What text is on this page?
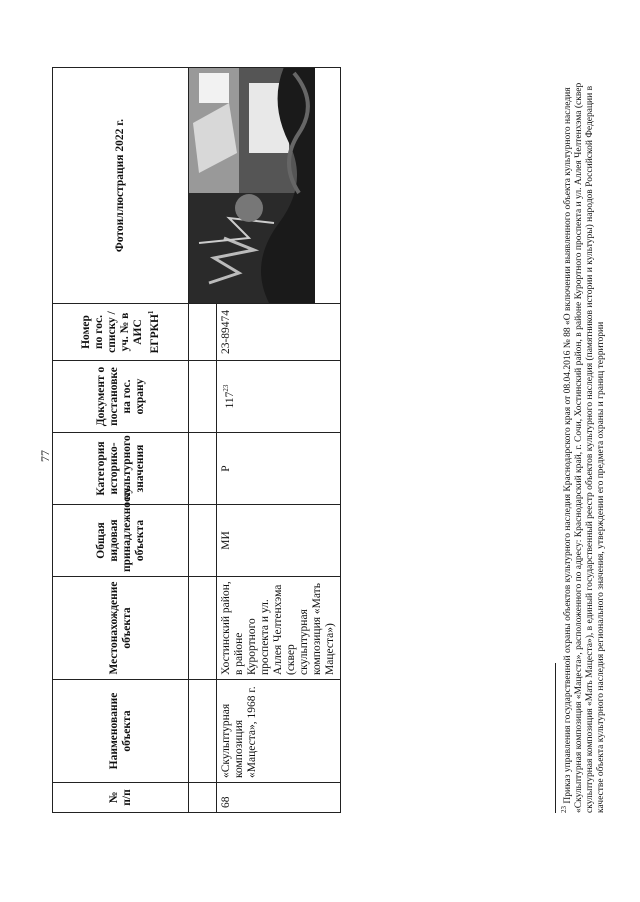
77
№ п/п	Наименование объекта	Местонахождение объекта	Общая видовая принадлежность объекта	Категория историко-культурного значения	Документ о постановке на гос. охрану	Номер по гос. списку /уч. № в АИС ЕГРКН$^1$	Фотоиллюстрация 2022 г.

68	«Скульптурная композиция «Мацеста», 1968 г.	Хостинский район, в районе Курортного проспекта и ул. Аллея Челтенхэма (сквер скульптурная композиция «Мать Мацеста»)	МИ	Р	$117^{23}$	23-89474	
$^{23}$ Приказ управления государственной охраны объектов культурного наследия Краснодарского края от 08.04.2016 № 88 «О включении выявленного объекта культурного наследия «Скульптурная композиция «Мацеста», расположенного по адресу: Краснодарский край, г. Сочи, Хостинский район, в районе Курортного проспекта и ул. Аллея Челтенхэма (сквер скульптурная композиция «Мать Мацеста»), в единый государственный реестр объектов культурного наследия (памятников истории и культуры) народов Российской Федерации в качестве объекта культурного наследия регионального значения, утверждении его предмета охраны и границ территории
